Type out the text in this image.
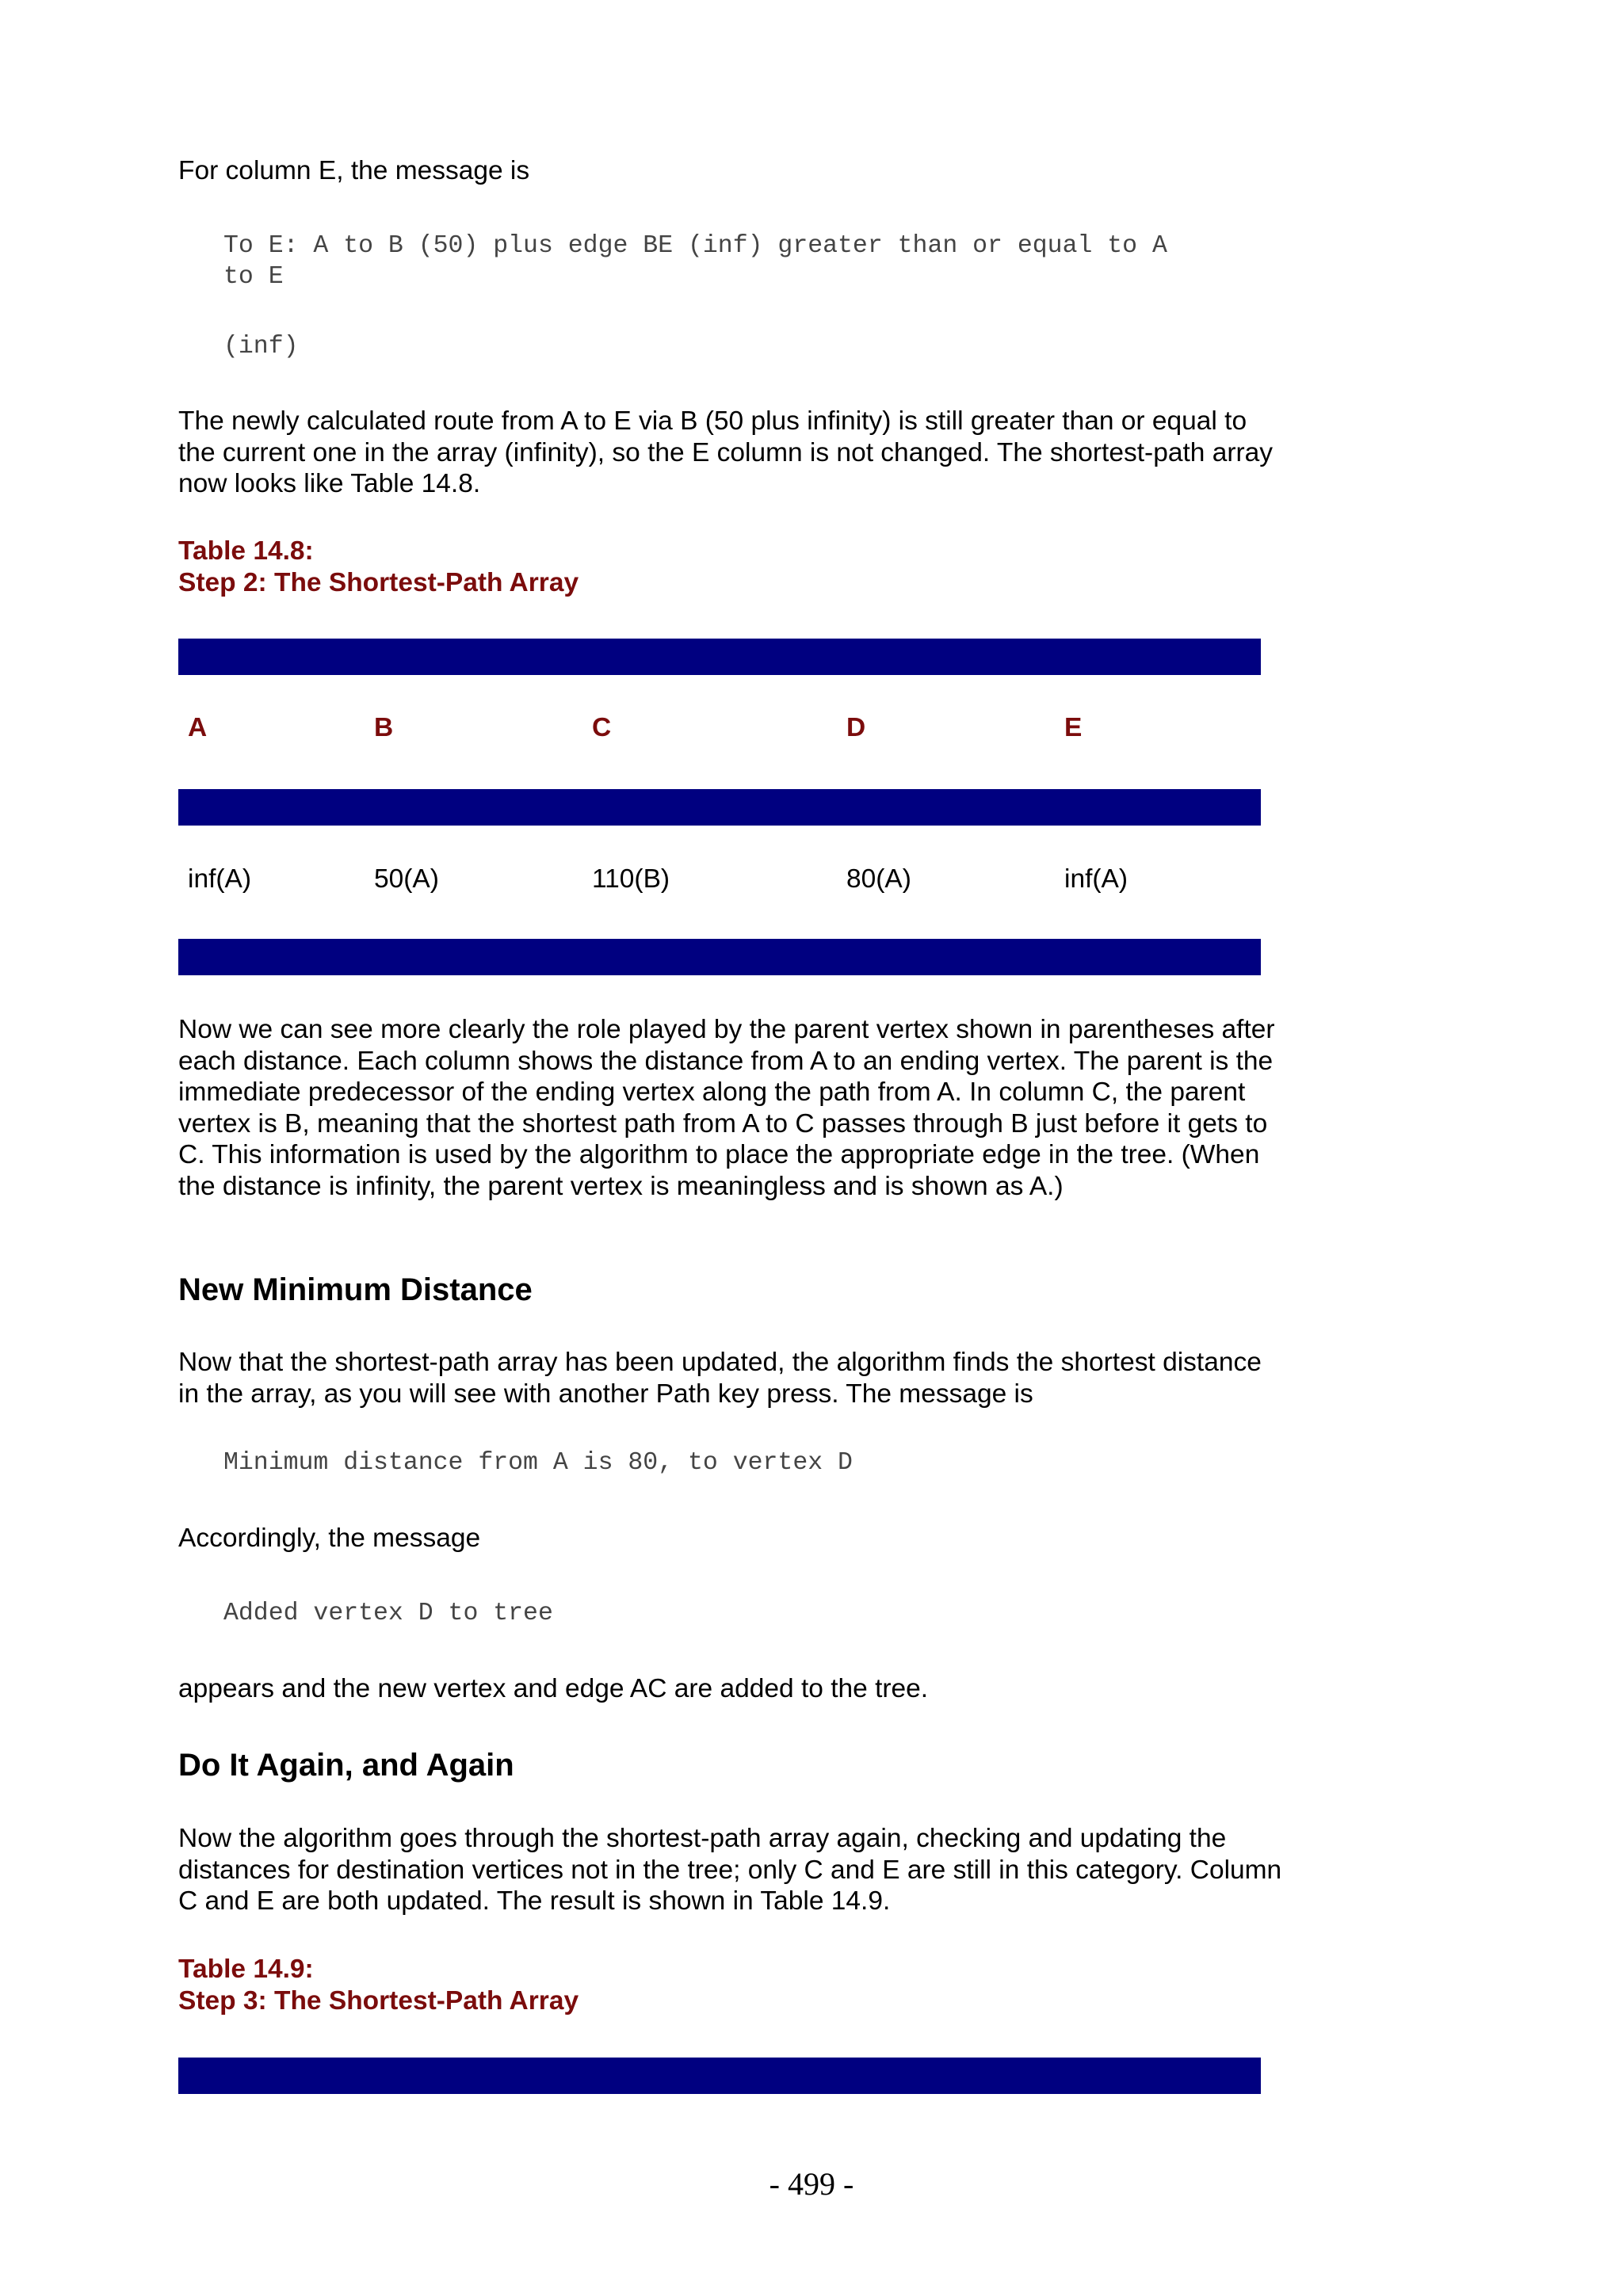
For column E, the message is

To E: A to B (50) plus edge BE (inf) greater than or equal to A

to E

(inf)

The newly calculated route from A to E via B (50 plus infinity) is still greater than or equal to the current one in the array (infinity), so the E column is not changed. The shortest-path array now looks like Table 14.8.

Table 14.8:

Step 2: The Shortest-Path Array

A	B	C	D	E
inf(A)	50(A)	110(B)	80(A)	inf(A)

Now we can see more clearly the role played by the parent vertex shown in parentheses after each distance. Each column shows the distance from A to an ending vertex. The parent is the immediate predecessor of the ending vertex along the path from A. In column C, the parent vertex is B, meaning that the shortest path from A to C passes through B just before it gets to C. This information is used by the algorithm to place the appropriate edge in the tree. (When the distance is infinity, the parent vertex is meaningless and is shown as A.)

New Minimum Distance

Now that the shortest-path array has been updated, the algorithm finds the shortest distance in the array, as you will see with another Path key press. The message is

Minimum distance from A is 80, to vertex D

Accordingly, the message

Added vertex D to tree

appears and the new vertex and edge AC are added to the tree.

Do It Again, and Again

Now the algorithm goes through the shortest-path array again, checking and updating the distances for destination vertices not in the tree; only C and E are still in this category. Column C and E are both updated. The result is shown in Table 14.9.

Table 14.9:

Step 3: The Shortest-Path Array

- 499 -
